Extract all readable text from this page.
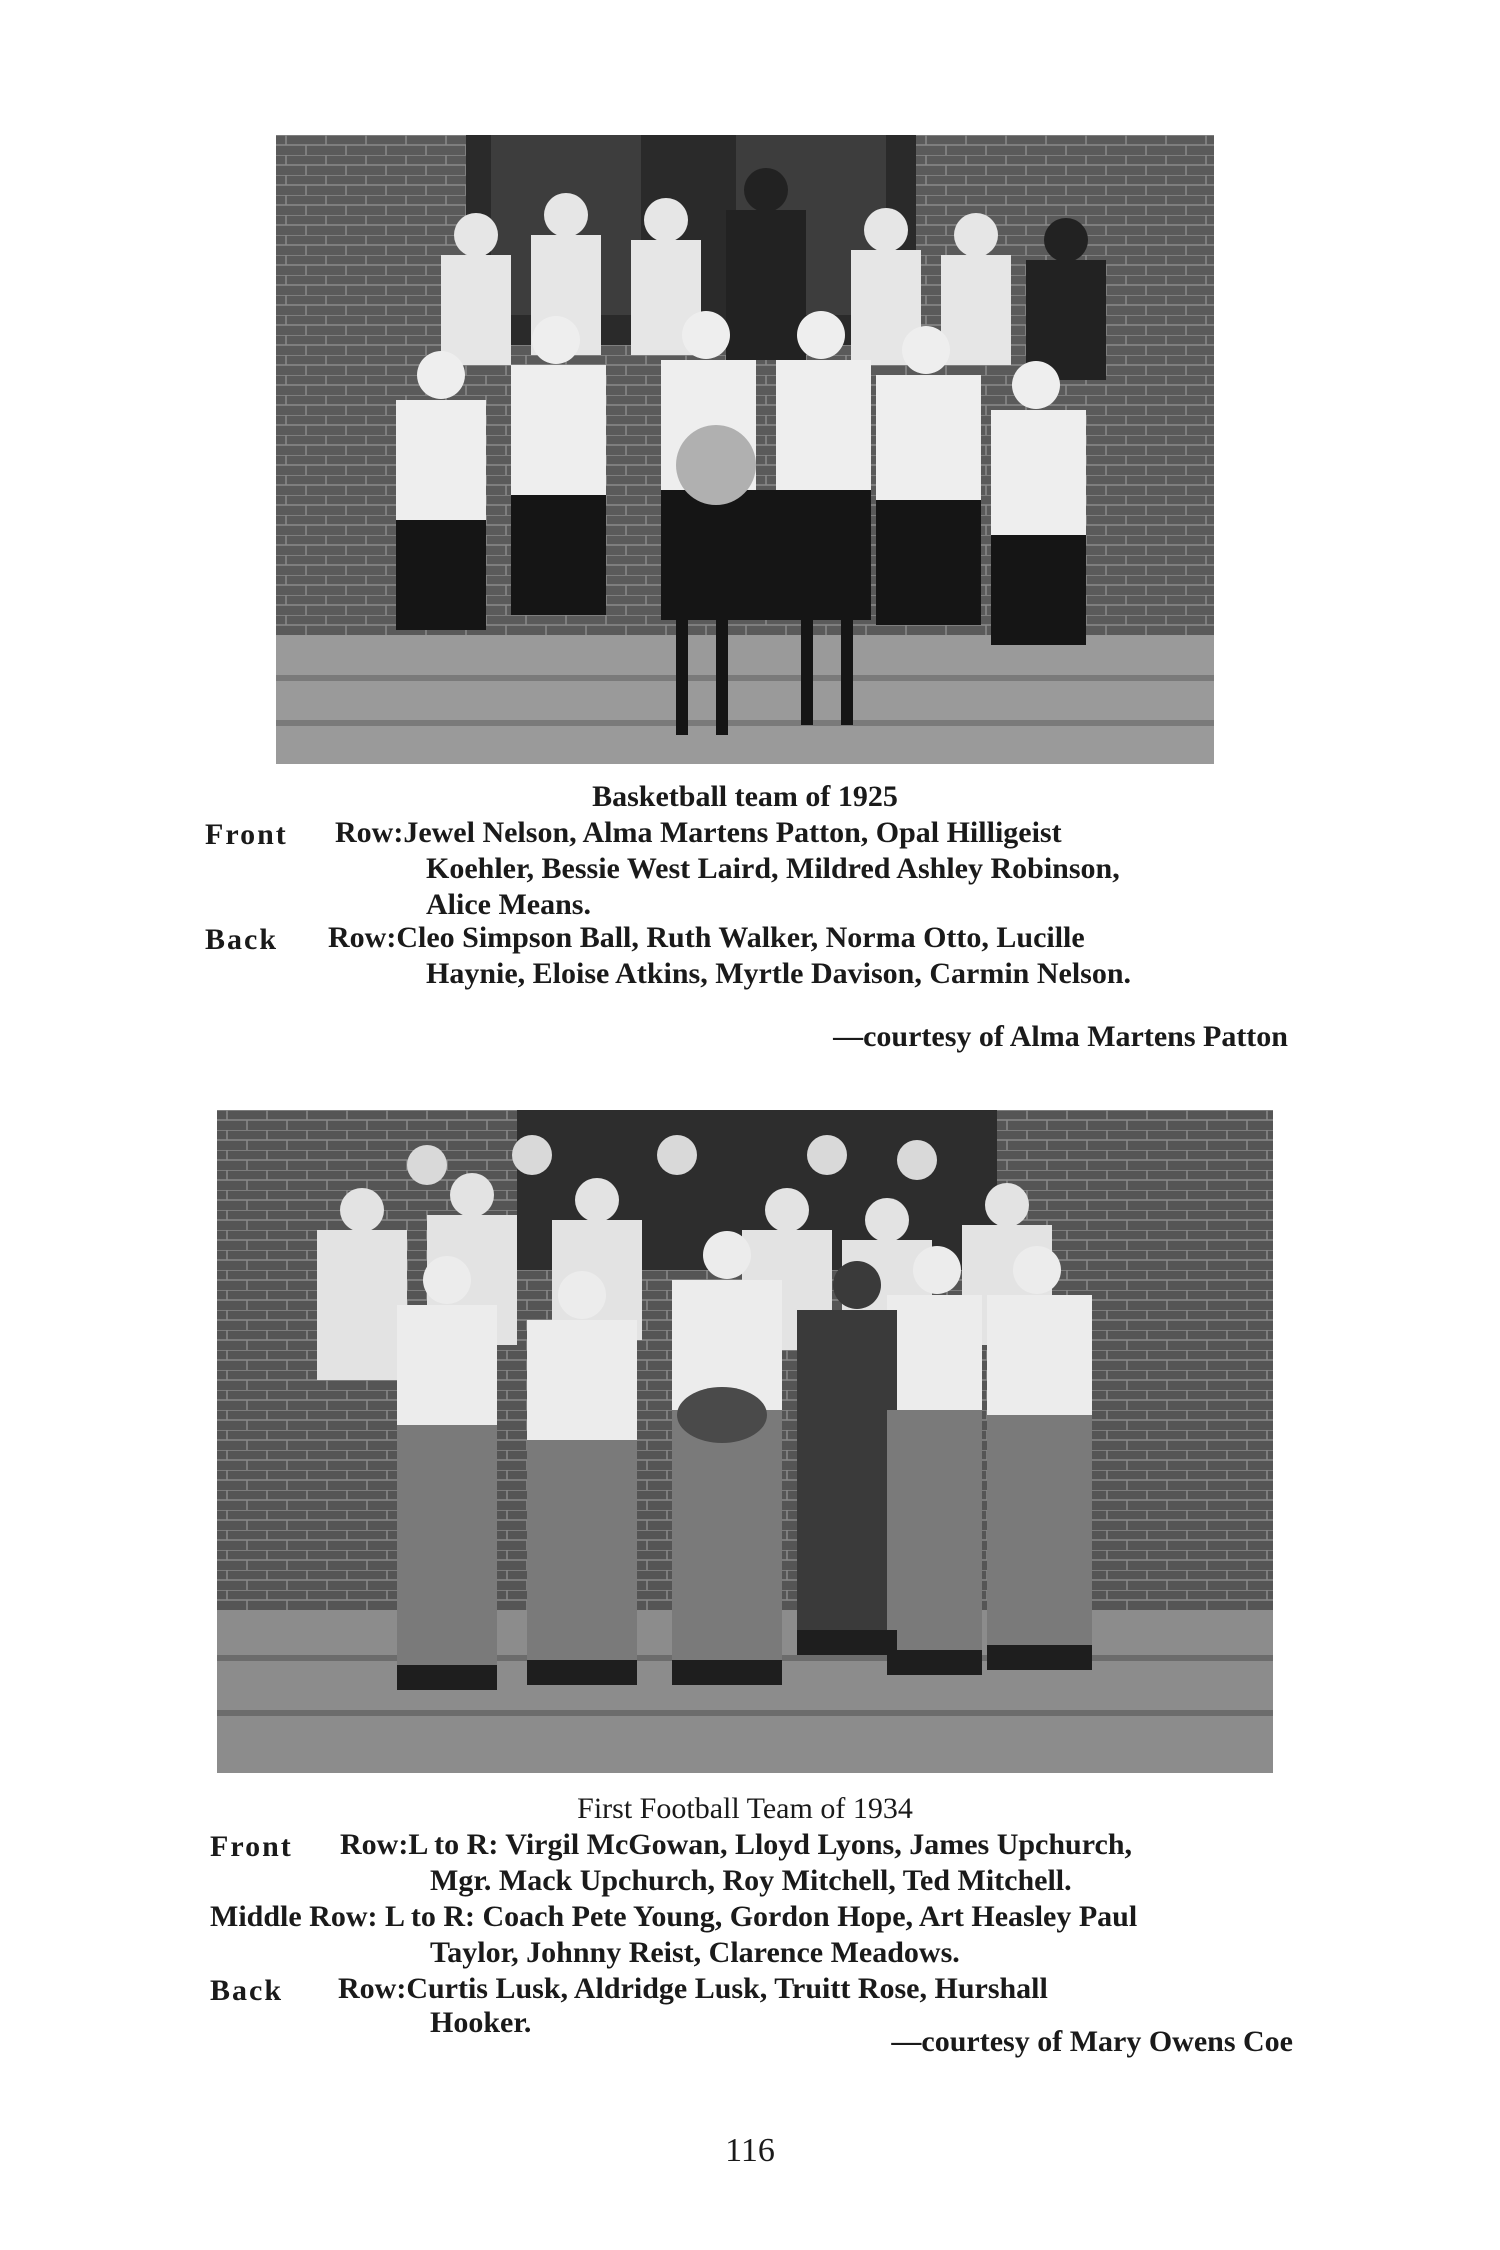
Basketball team of 1925
Front Row:Jewel Nelson, Alma Martens Patton, Opal Hilligeist
Koehler, Bessie West Laird, Mildred Ashley Robinson,
Alice Means.
Back Row:Cleo Simpson Ball, Ruth Walker, Norma Otto, Lucille
Haynie, Eloise Atkins, Myrtle Davison, Carmin Nelson.
—courtesy of Alma Martens Patton
First Football Team of 1934
Front Row:L to R: Virgil McGowan, Lloyd Lyons, James Upchurch,
Mgr. Mack Upchurch, Roy Mitchell, Ted Mitchell.
Middle Row: L to R: Coach Pete Young, Gordon Hope, Art Heasley Paul
Taylor, Johnny Reist, Clarence Meadows.
Back Row:Curtis Lusk, Aldridge Lusk, Truitt Rose, Hurshall
Hooker.
—courtesy of Mary Owens Coe
116
